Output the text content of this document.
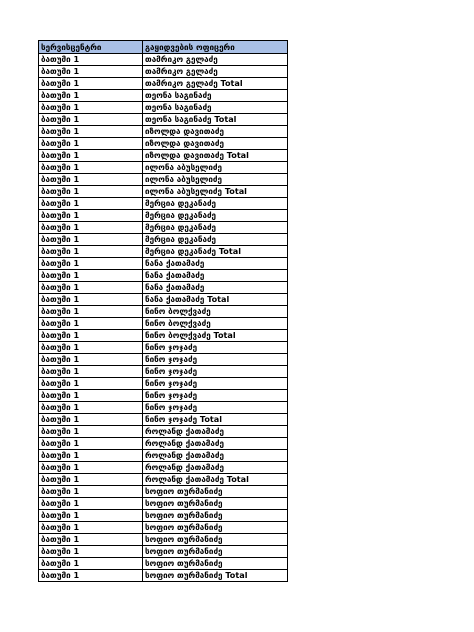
სერვისცენტრი	გაყიდვების ოფიცერი
ბათუმი 1	თამრიკო გელაძე
ბათუმი 1	თამრიკო გელაძე
ბათუმი 1	თამრიკო გელაძე Total
ბათუმი 1	თეონა საგინაძე
ბათუმი 1	თეონა საგინაძე
ბათუმი 1	თეონა საგინაძე Total
ბათუმი 1	იზოლდა დავითაძე
ბათუმი 1	იზოლდა დავითაძე
ბათუმი 1	იზოლდა დავითაძე Total
ბათუმი 1	ილონა აბუსელიძე
ბათუმი 1	ილონა აბუსელიძე
ბათუმი 1	ილონა აბუსელიძე Total
ბათუმი 1	მერცია დეკანაძე
ბათუმი 1	მერცია დეკანაძე
ბათუმი 1	მერცია დეკანაძე
ბათუმი 1	მერცია დეკანაძე
ბათუმი 1	მერცია დეკანაძე Total
ბათუმი 1	ნანა ქათამაძე
ბათუმი 1	ნანა ქათამაძე
ბათუმი 1	ნანა ქათამაძე
ბათუმი 1	ნანა ქათამაძე Total
ბათუმი 1	ნინო ბოლქვაძე
ბათუმი 1	ნინო ბოლქვაძე
ბათუმი 1	ნინო ბოლქვაძე Total
ბათუმი 1	ნინო ჯოჯაძე
ბათუმი 1	ნინო ჯოჯაძე
ბათუმი 1	ნინო ჯოჯაძე
ბათუმი 1	ნინო ჯოჯაძე
ბათუმი 1	ნინო ჯოჯაძე
ბათუმი 1	ნინო ჯოჯაძე
ბათუმი 1	ნინო ჯოჯაძე Total
ბათუმი 1	როლანდ ქათამაძე
ბათუმი 1	როლანდ ქათამაძე
ბათუმი 1	როლანდ ქათამაძე
ბათუმი 1	როლანდ ქათამაძე
ბათუმი 1	როლანდ ქათამაძე Total
ბათუმი 1	სოფიო თურმანიძე
ბათუმი 1	სოფიო თურმანიძე
ბათუმი 1	სოფიო თურმანიძე
ბათუმი 1	სოფიო თურმანიძე
ბათუმი 1	სოფიო თურმანიძე
ბათუმი 1	სოფიო თურმანიძე
ბათუმი 1	სოფიო თურმანიძე
ბათუმი 1	სოფიო თურმანიძე Total
